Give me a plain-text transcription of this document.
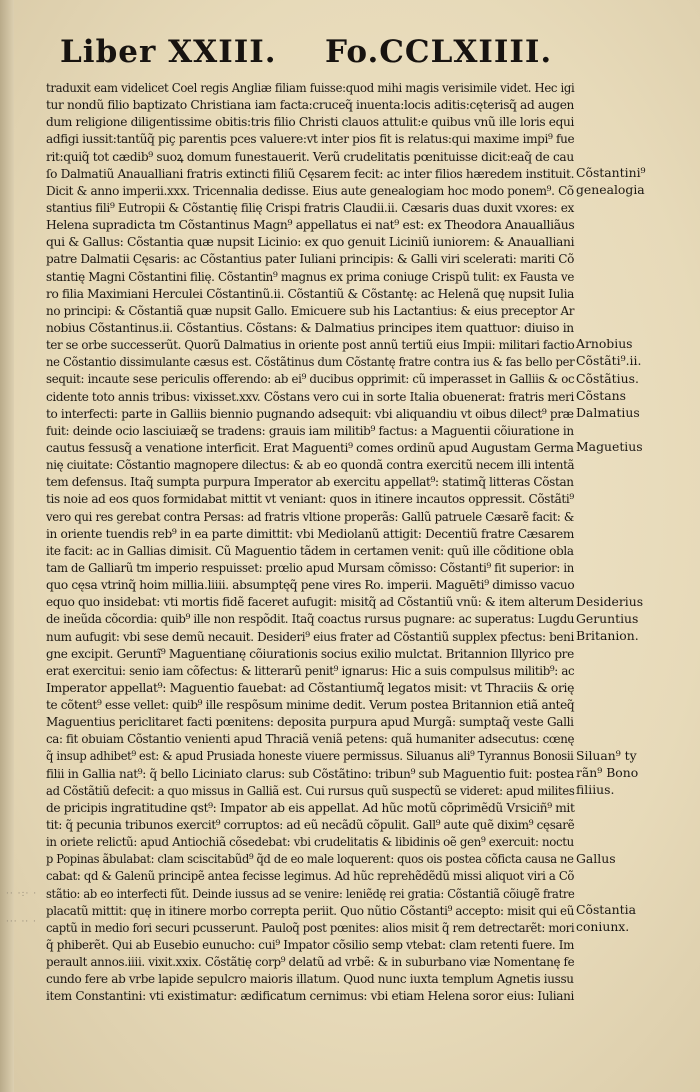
Liber XXIII. Fo.CCLXIIII.
traduxit eam videlicet Coel regis Angliæ filiam fuisse:quod mihi magis verisimile videt. Hec igi
tur nondũ filio baptizato Christiana iam facta:cruceq̃ inuenta:locis aditis:cęterisq̃ ad augen
dum religione diligentissime obitis:tris filio Christi clauos attulit:e quibus vnũ ille loris equi
adfigi iussit:tantũq̃ piç parentis pces valuere:vt inter pios fit is relatus:qui maxime impi⁹ fue
rit:quiq̃ tot cædib⁹ suoꝝ domum funestauerit. Verũ crudelitatis pœnituisse dicit:eaq̃ de cau
ſo Dalmatiũ Anaualliani fratris extincti filiũ Cęsarem fecit: ac inter filios hæredem instituit.
Dicit & anno imperii.xxx. Tricennalia dedisse. Eius aute genealogiam hoc modo ponem⁹. Cõ
stantius fili⁹ Eutropii & Cõstantię filię Crispi fratris Claudii.ii. Cæsaris duas duxit vxores: ex
Helena supradicta tm Cõstantinus Magn⁹ appellatus ei nat⁹ est: ex Theodora Anaualliãus
qui & Gallus: Cõstantia quæ nupsit Licinio: ex quo genuit Liciniũ iuniorem: & Anaualliani
patre Dalmatii Cęsaris: ac Cõstantius pater Iuliani principis: & Galli viri scelerati: mariti Cõ
stantię Magni Cõstantini filię. Cõstantin⁹ magnus ex prima coniuge Crispũ tulit: ex Fausta ve
ro filia Maximiani Herculei Cõstantinũ.ii. Cõstantiũ & Cõstantę: ac Helenã quę nupsit Iulia
no principi: & Cõstantiã quæ nupsit Gallo. Emicuere sub his Lactantius: & eius preceptor Ar
nobius Cõstantinus.ii. Cõstantius. Cõstans: & Dalmatius principes item quattuor: diuiso in
ter se orbe successerũt. Quorũ Dalmatius in oriente post annũ tertiũ eius Impii: militari factio
ne Cõstantio dissimulante cæsus est. Cõstãtinus dum Cõstantę fratre contra ius & fas bello per
sequit: incaute sese periculis offerendo: ab ei⁹ ducibus opprimit: cũ imperasset in Galliis & oc
cidente toto annis tribus: vixisset.xxv. Cõstans vero cui in sorte Italia obuenerat: fratris meri
to interfecti: parte in Galliis biennio pugnando adsequit: vbi aliquandiu vt oibus dilect⁹ præ
fuit: deinde ocio lasciuiæq̃ se tradens: grauis iam militib⁹ factus: a Maguentii cõiuratione in
cautus fessusq̃ a venatione interficit. Erat Maguenti⁹ comes ordinũ apud Augustam Germa
nię ciuitate: Cõstantio magnopere dilectus: & ab eo quondã contra exercitũ necem illi intentã
tem defensus. Itaq̃ sumpta purpura Imperator ab exercitu appellat⁹: statimq̃ litteras Cõstan
tis noie ad eos quos formidabat mittit vt veniant: quos in itinere incautos oppressit. Cõstãti⁹
vero qui res gerebat contra Persas: ad fratris vltione properãs: Gallũ patruele Cæsarẽ facit: &
in oriente tuendis reb⁹ in ea parte dimittit: vbi Mediolanũ attigit: Decentiũ fratre Cæsarem
ite facit: ac in Gallias dimisit. Cũ Maguentio tãdem in certamen venit: quũ ille cõditione obla
tam de Galliarũ tm imperio respuisset: prœlio apud Mursam cõmisso: Cõstanti⁹ fit superior: in
quo cęsa vtrinq̃ hoim millia.liiii. absumptęq̃ pene vires Ro. imperii. Maguēti⁹ dimisso vacuo
equo quo insidebat: vti mortis fidẽ faceret aufugit: misitq̃ ad Cõstantiũ vnũ: & item alterum
de ineũda cõcordia: quib⁹ ille non respõdit. Itaq̃ coactus rursus pugnare: ac superatus: Lugdu
num aufugit: vbi sese demũ necauit. Desideri⁹ eius frater ad Cõstantiũ supplex pfectus: beni
gne excipit. Geruntĩ⁹ Maguentianę cõiurationis socius exilio mulctat. Britannion Illyrico pre
erat exercitui: senio iam cõfectus: & litterarũ penit⁹ ignarus: Hic a suis compulsus militib⁹: ac
Imperator appellat⁹: Maguentio fauebat: ad Cõstantiumq̃ legatos misit: vt Thraciis & orię
te cõtent⁹ esse vellet: quib⁹ ille respõsum minime dedit. Verum postea Britannion etiã anteq̃
Maguentius periclitaret facti pœnitens: deposita purpura apud Murgã: sumptaq̃ veste Galli
ca: fit obuiam Cõstantio venienti apud Thraciã veniã petens: quã humaniter adsecutus: cœnę
q̃ insup adhibet⁹ est: & apud Prusiada honeste viuere permissus. Siluanus ali⁹ Tyrannus Bonosii
filii in Gallia nat⁹: q̃ bello Liciniato clarus: sub Cõstãtino: tribun⁹ sub Maguentio fuit: postea
ad Cõstãtiũ defecit: a quo missus in Galliã est. Cui rursus quũ suspectũ se videret: apud milites
de pricipis ingratitudine qst⁹: Impator ab eis appellat. Ad hũc motũ cõprimẽdũ Vrsiciñ⁹ mit
tit: q̃ pecunia tribunos exercit⁹ corruptos: ad eũ necãdũ cõpulit. Gall⁹ aute quẽ dixim⁹ cęsarẽ
in oriete relictũ: apud Antiochiã cõsedebat: vbi crudelitatis & libidinis oẽ gen⁹ exercuit: noctu
p Popinas ãbulabat: clam sciscitabũd⁹ q̃d de eo male loquerent: quos ois postea cõficta causa ne
cabat: qd & Galenũ principẽ antea fecisse legimus. Ad hũc reprehẽdẽdũ missi aliquot viri a Cõ
stãtio: ab eo interfecti fũt. Deinde iussus ad se venire: leniẽdę rei gratia: Cõstantiã cõiugẽ fratre
placatũ mittit: quę in itinere morbo correpta periit. Quo nũtio Cõstanti⁹ accepto: misit qui eũ
captũ in medio fori securi pcusserunt. Pauloq̃ post pœnites: alios misit q̃ rem detrectarẽt: mori
q̃ phiberẽt. Qui ab Eusebio eunucho: cui⁹ Impator cõsilio semp vtebat: clam retenti fuere. Im
perault annos.iiii. vixit.xxix. Cõstãtię corp⁹ delatũ ad vrbẽ: & in suburbano viæ Nomentanę fe
cundo fere ab vrbe lapide sepulcro maioris illatum. Quod nunc iuxta templum Agnetis iussu
item Constantini: vti existimatur: ædificatum cernimus: vbi etiam Helena soror eius: Iuliani
Cõstantini⁹
genealogia
Arnobius
Cõstãti⁹.ii.
Cõstãtius.
Cõstans
Dalmatius
Maguetius
Desiderius
Geruntius
Britanion.
Siluan⁹ ty
rãn⁹ Bono
filiius.
Gallus
Cõstantia
coniunx.
·· ·:· ·
··· ·· ·
